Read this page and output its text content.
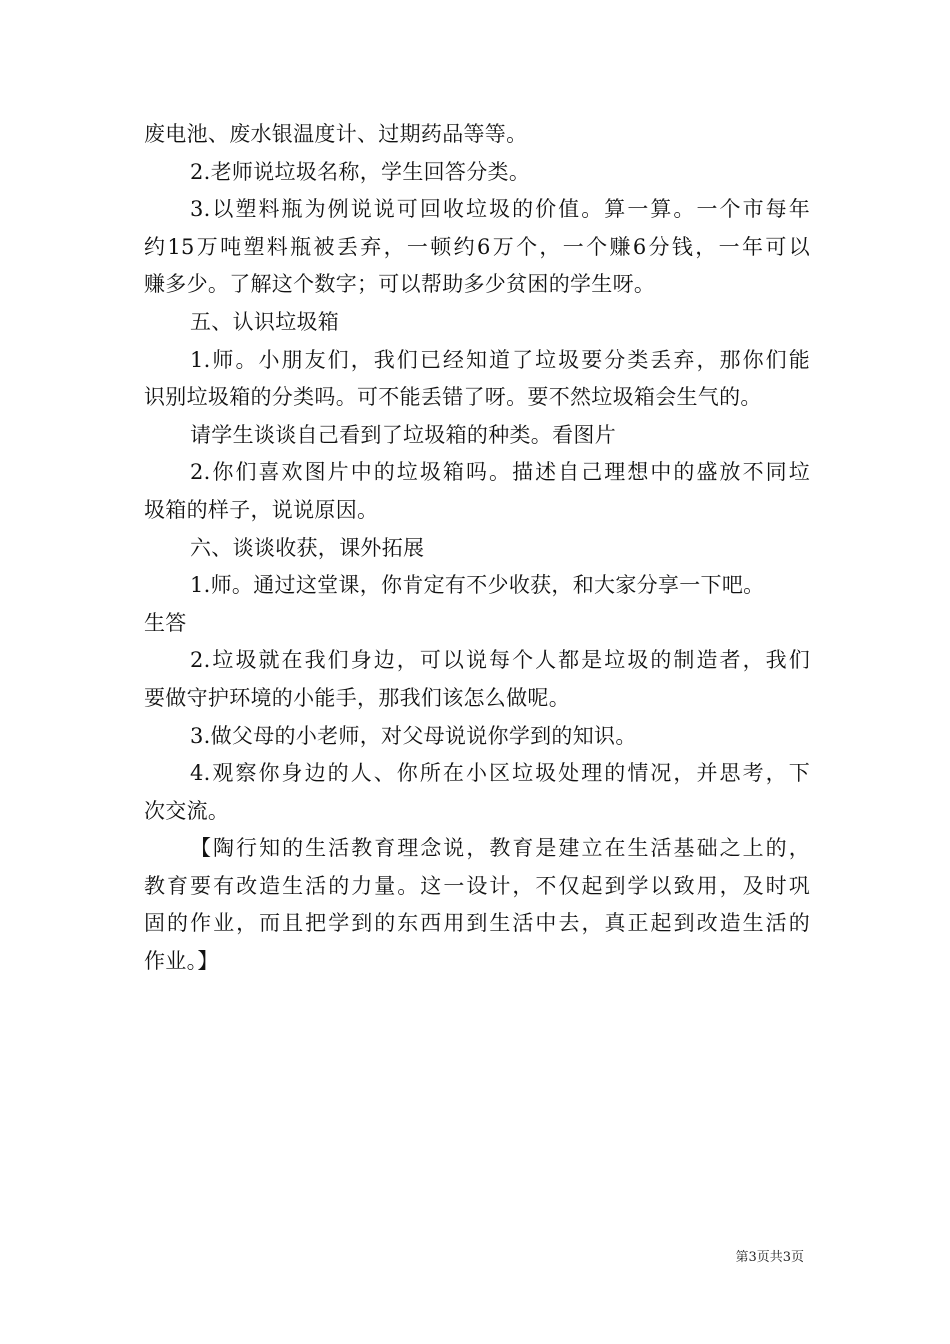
废电池、废水银温度计、过期药品等等。
2.老师说垃圾名称，学生回答分类。
3.以塑料瓶为例说说可回收垃圾的价值。算一算。一个市每年
约15万吨塑料瓶被丢弃，一顿约6万个，一个赚6分钱，一年可以
赚多少。了解这个数字；可以帮助多少贫困的学生呀。
五、认识垃圾箱
1.师。小朋友们，我们已经知道了垃圾要分类丢弃，那你们能
识别垃圾箱的分类吗。可不能丢错了呀。要不然垃圾箱会生气的。
请学生谈谈自己看到了垃圾箱的种类。看图片
2.你们喜欢图片中的垃圾箱吗。描述自己理想中的盛放不同垃
圾箱的样子，说说原因。
六、谈谈收获，课外拓展
1.师。通过这堂课，你肯定有不少收获，和大家分享一下吧。
生答
2.垃圾就在我们身边，可以说每个人都是垃圾的制造者，我们
要做守护环境的小能手，那我们该怎么做呢。
3.做父母的小老师，对父母说说你学到的知识。
4.观察你身边的人、你所在小区垃圾处理的情况，并思考，下
次交流。
【陶行知的生活教育理念说，教育是建立在生活基础之上的，
教育要有改造生活的力量。这一设计，不仅起到学以致用，及时巩
固的作业，而且把学到的东西用到生活中去，真正起到改造生活的
作业。】
第3页共3页
